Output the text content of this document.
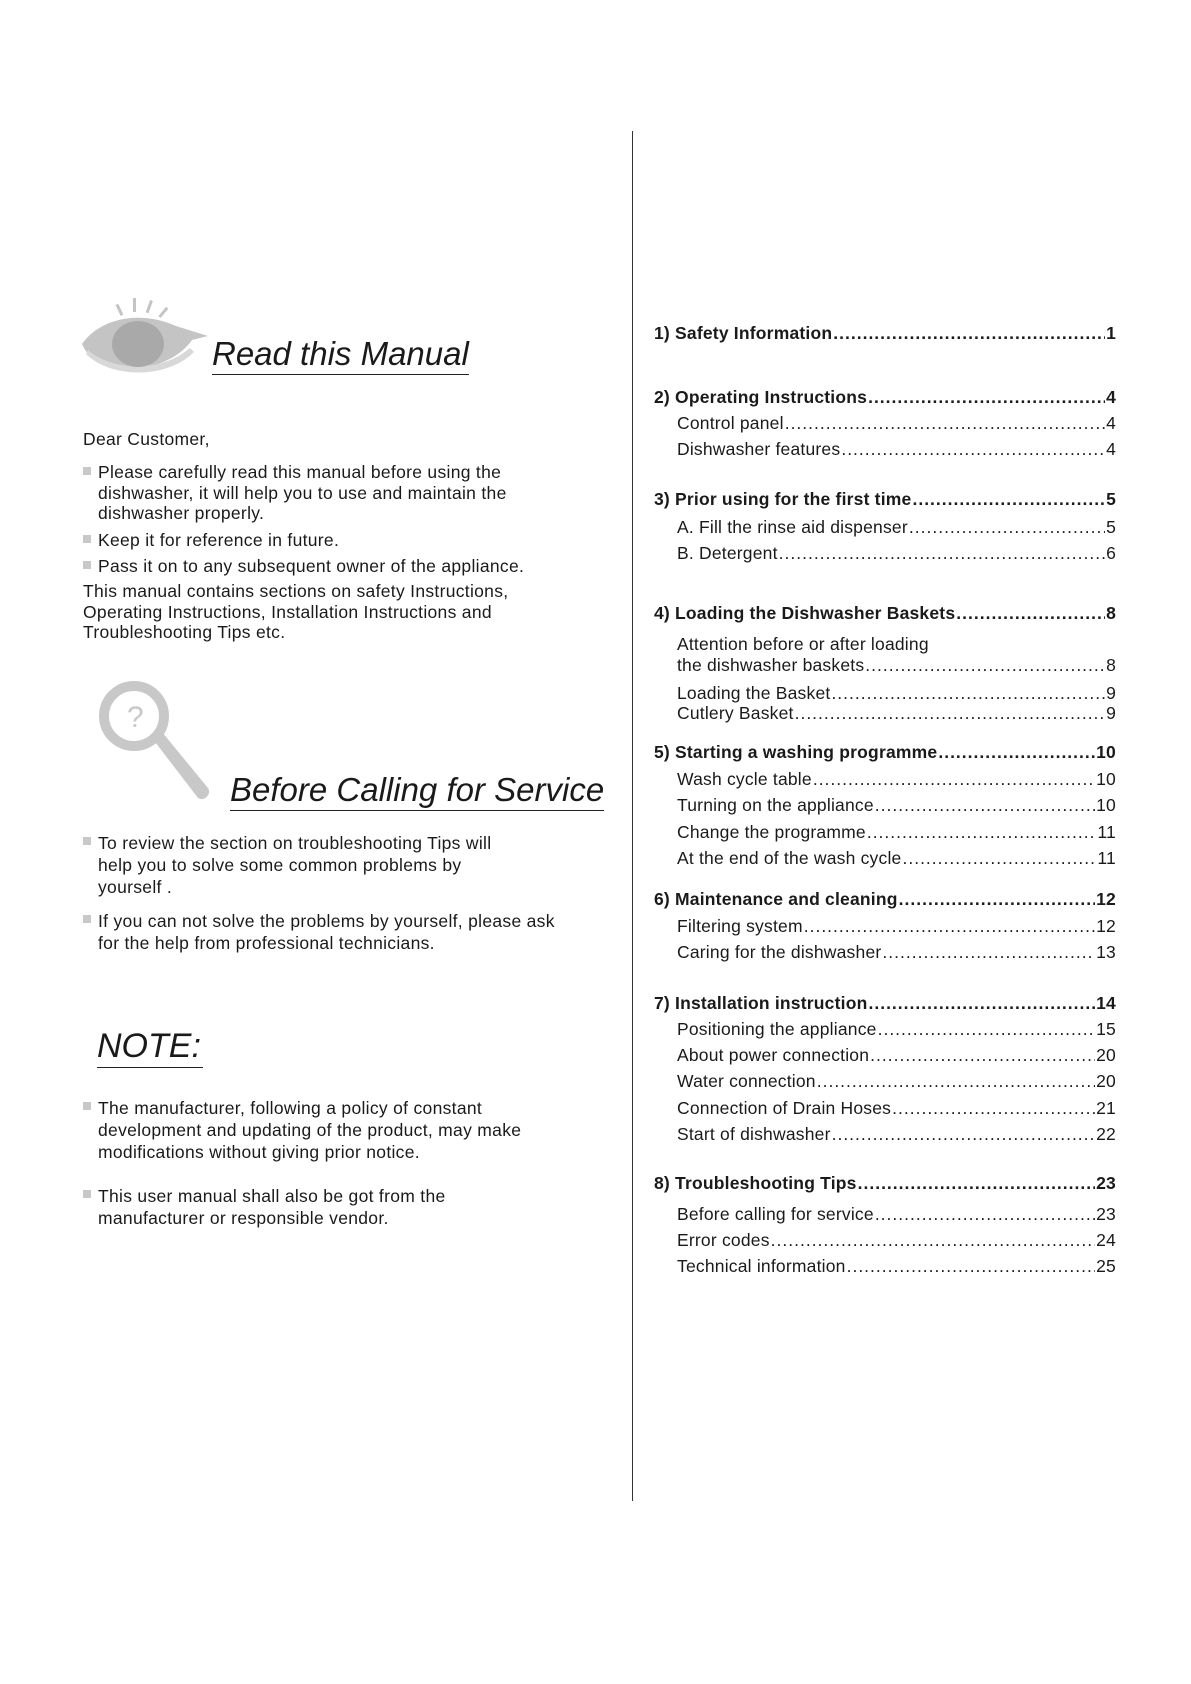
Read this Manual
Dear Customer,
Please carefully read this manual before using the dishwasher, it will help you to use and maintain the dishwasher properly.
Keep it for reference in future.
Pass it on to any subsequent owner of the appliance.
This manual contains sections on safety Instructions,
Operating Instructions, Installation Instructions and
Troubleshooting Tips etc.
?
Before Calling for Service
To review the section on troubleshooting Tips will help you to solve some common problems by yourself .
If you can not solve the problems by yourself, please ask for the help from professional technicians.
NOTE:
The manufacturer, following a policy of constant development and updating of the product, may make modifications without giving prior notice.
This user manual shall also be got from the manufacturer or responsible vendor.
1) Safety Information .....	1
2) Operating Instructions .....	4
Control panel .....	4
Dishwasher features .....	4
3) Prior using for the first time .....	5
A. Fill the rinse aid dispenser .....	5
B. Detergent .....	6
4) Loading the Dishwasher Baskets .....	8
Attention before or after loading
the dishwasher baskets .....	8
Loading the Basket .....	9
Cutlery Basket .....	9
5) Starting a washing programme .....	10
Wash cycle table .....	10
Turning on the appliance .....	10
Change the programme .....	11
At the end of the wash cycle .....	11
6) Maintenance and cleaning .....	12
Filtering system .....	12
Caring for the dishwasher .....	13
7) Installation instruction .....	14
Positioning the appliance .....	15
About power connection .....	20
Water connection .....	20
Connection of Drain Hoses .....	21
Start of dishwasher .....	22
8) Troubleshooting Tips .....	23
Before calling for service .....	23
Error codes .....	24
Technical information .....	25
